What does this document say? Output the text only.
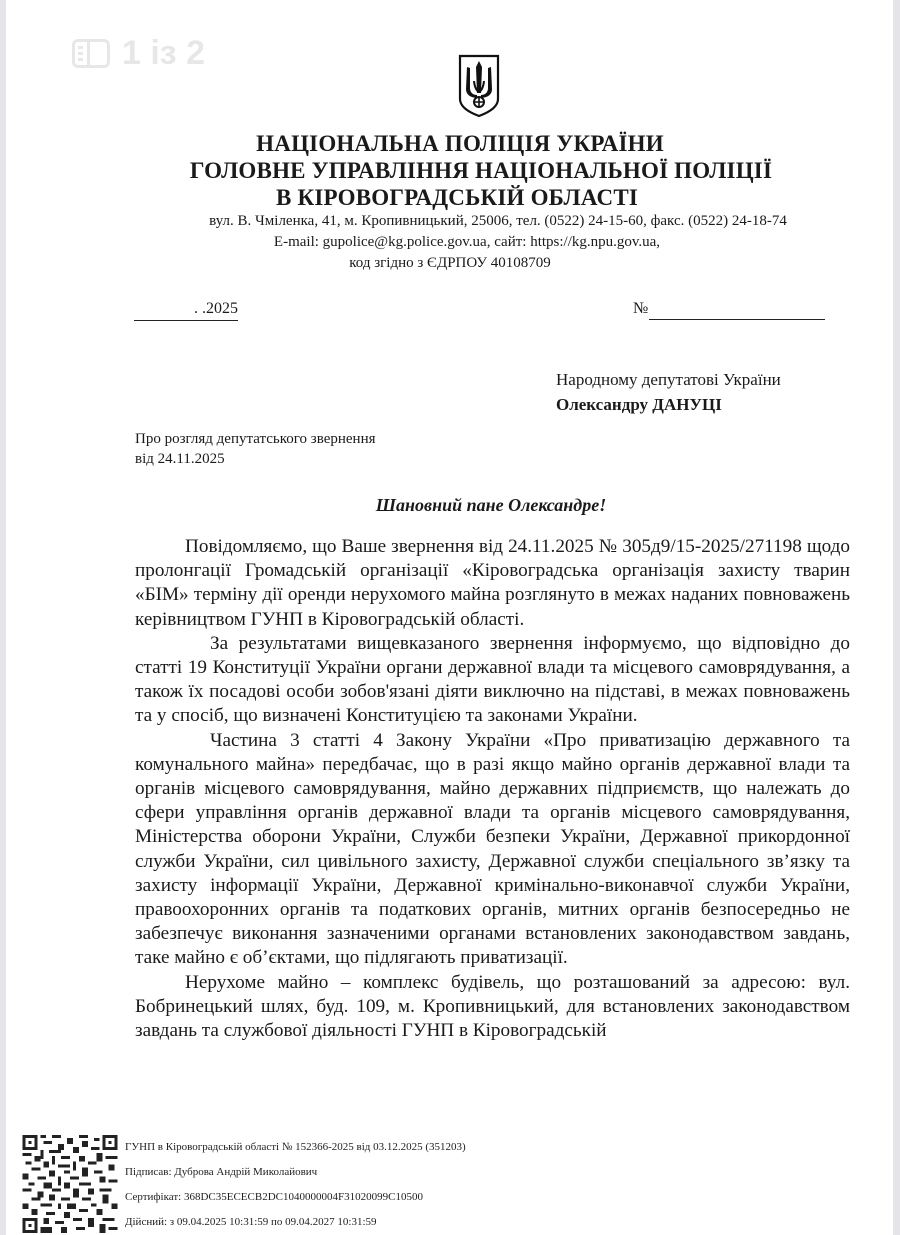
1 із 2
НАЦІОНАЛЬНА ПОЛІЦІЯ УКРАЇНИ
ГОЛОВНЕ УПРАВЛІННЯ НАЦІОНАЛЬНОЇ ПОЛІЦІЇ
В КІРОВОГРАДСЬКІЙ ОБЛАСТІ
вул. В. Чміленка, 41, м. Кропивницький, 25006, тел. (0522) 24-15-60, факс. (0522) 24-18-74
E-mail: gupolice@kg.police.gov.ua, сайт: https://kg.npu.gov.ua,
код згідно з ЄДРПОУ 40108709
. .2025	№
Народному депутатові України
Олександру ДАНУЦІ
Про розгляд депутатського звернення
від 24.11.2025
Шановний пане Олександре!

Повідомляємо, що Ваше звернення від 24.11.2025 № 305д9/15-2025/271198 щодо пролонгації Громадській організації «Кіровоградська організація захисту тварин «БІМ» терміну дії оренди нерухомого майна розглянуто в межах наданих повноважень керівництвом ГУНП в Кіровоградській області.

За результатами вищевказаного звернення інформуємо, що відповідно до статті 19 Конституції України органи державної влади та місцевого самоврядування, а також їх посадові особи зобов'язані діяти виключно на підставі, в межах повноважень та у спосіб, що визначені Конституцією та законами України.

Частина 3 статті 4 Закону України «Про приватизацію державного та комунального майна» передбачає, що в разі якщо майно органів державної влади та органів місцевого самоврядування, майно державних підприємств, що належать до сфери управління органів державної влади та органів місцевого самоврядування, Міністерства оборони України, Служби безпеки України, Державної прикордонної служби України, сил цивільного захисту, Державної служби спеціального зв’язку та захисту інформації України, Державної кримінально-виконавчої служби України, правоохоронних органів та податкових органів, митних органів безпосередньо не забезпечує виконання зазначеними органами встановлених законодавством завдань, таке майно є об’єктами, що підлягають приватизації.

Нерухоме майно – комплекс будівель, що розташований за адресою: вул. Бобринецький шлях, буд. 109, м. Кропивницький, для встановлених законодавством завдань та службової діяльності ГУНП в Кіровоградській

ГУНП в Кіровоградській області № 152366-2025 від 03.12.2025 (351203)
Підписав: Дуброва Андрій Миколайович
Сертифікат: 368DC35ECECB2DC1040000004F31020099C10500
Дійсний: з 09.04.2025 10:31:59 по 09.04.2027 10:31:59
